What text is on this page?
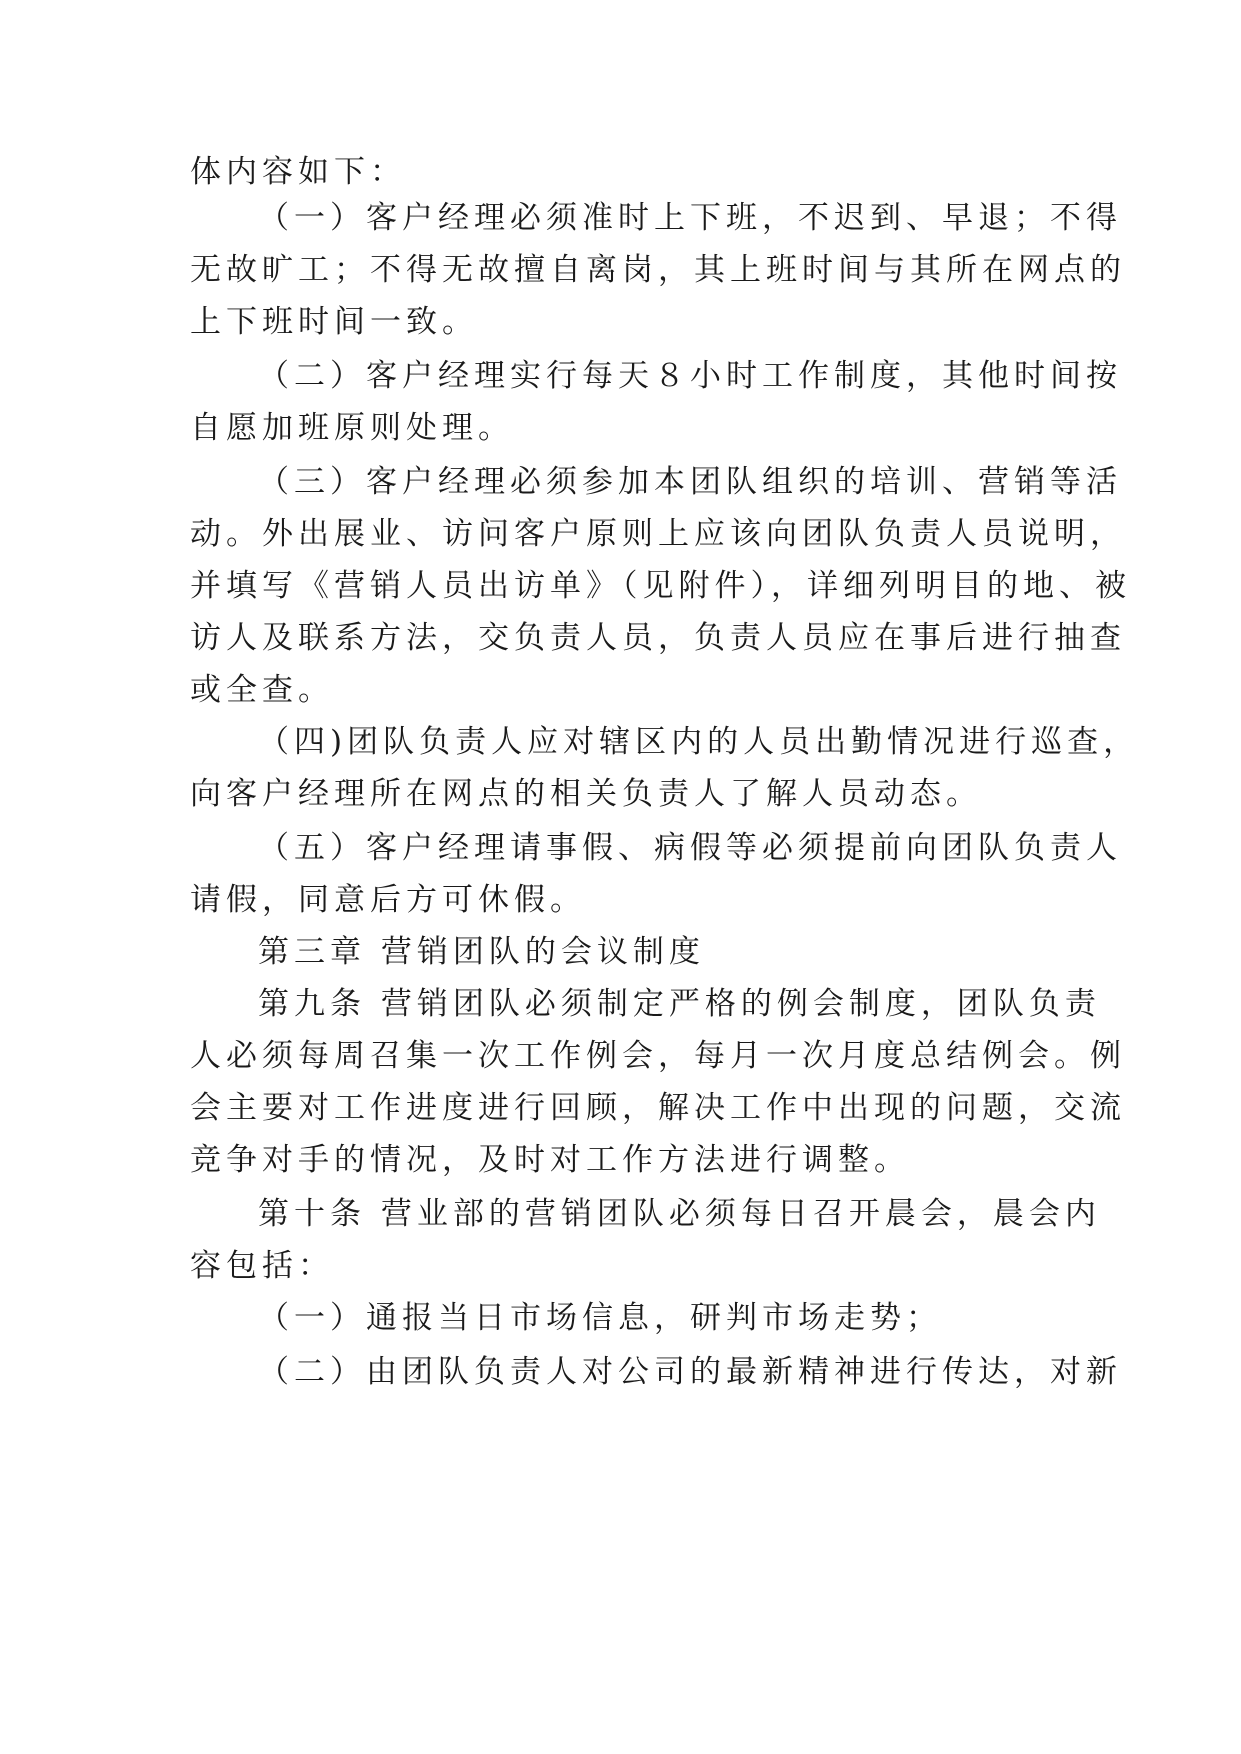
体内容如下：
（一）客户经理必须准时上下班，不迟到、早退；不得
无故旷工；不得无故擅自离岗，其上班时间与其所在网点的
上下班时间一致。
（二）客户经理实行每天８小时工作制度，其他时间按
自愿加班原则处理。
（三）客户经理必须参加本团队组织的培训、营销等活
动。外出展业、访问客户原则上应该向团队负责人员说明，
并填写《营销人员出访单》（见附件），详细列明目的地、被
访人及联系方法，交负责人员，负责人员应在事后进行抽查
或全查。
（四)团队负责人应对辖区内的人员出勤情况进行巡查，
向客户经理所在网点的相关负责人了解人员动态。
（五）客户经理请事假、病假等必须提前向团队负责人
请假，同意后方可休假。
第三章 营销团队的会议制度
第九条 营销团队必须制定严格的例会制度，团队负责
人必须每周召集一次工作例会，每月一次月度总结例会。例
会主要对工作进度进行回顾，解决工作中出现的问题，交流
竞争对手的情况，及时对工作方法进行调整。
第十条 营业部的营销团队必须每日召开晨会，晨会内
容包括：
（一）通报当日市场信息，研判市场走势；
（二）由团队负责人对公司的最新精神进行传达，对新
